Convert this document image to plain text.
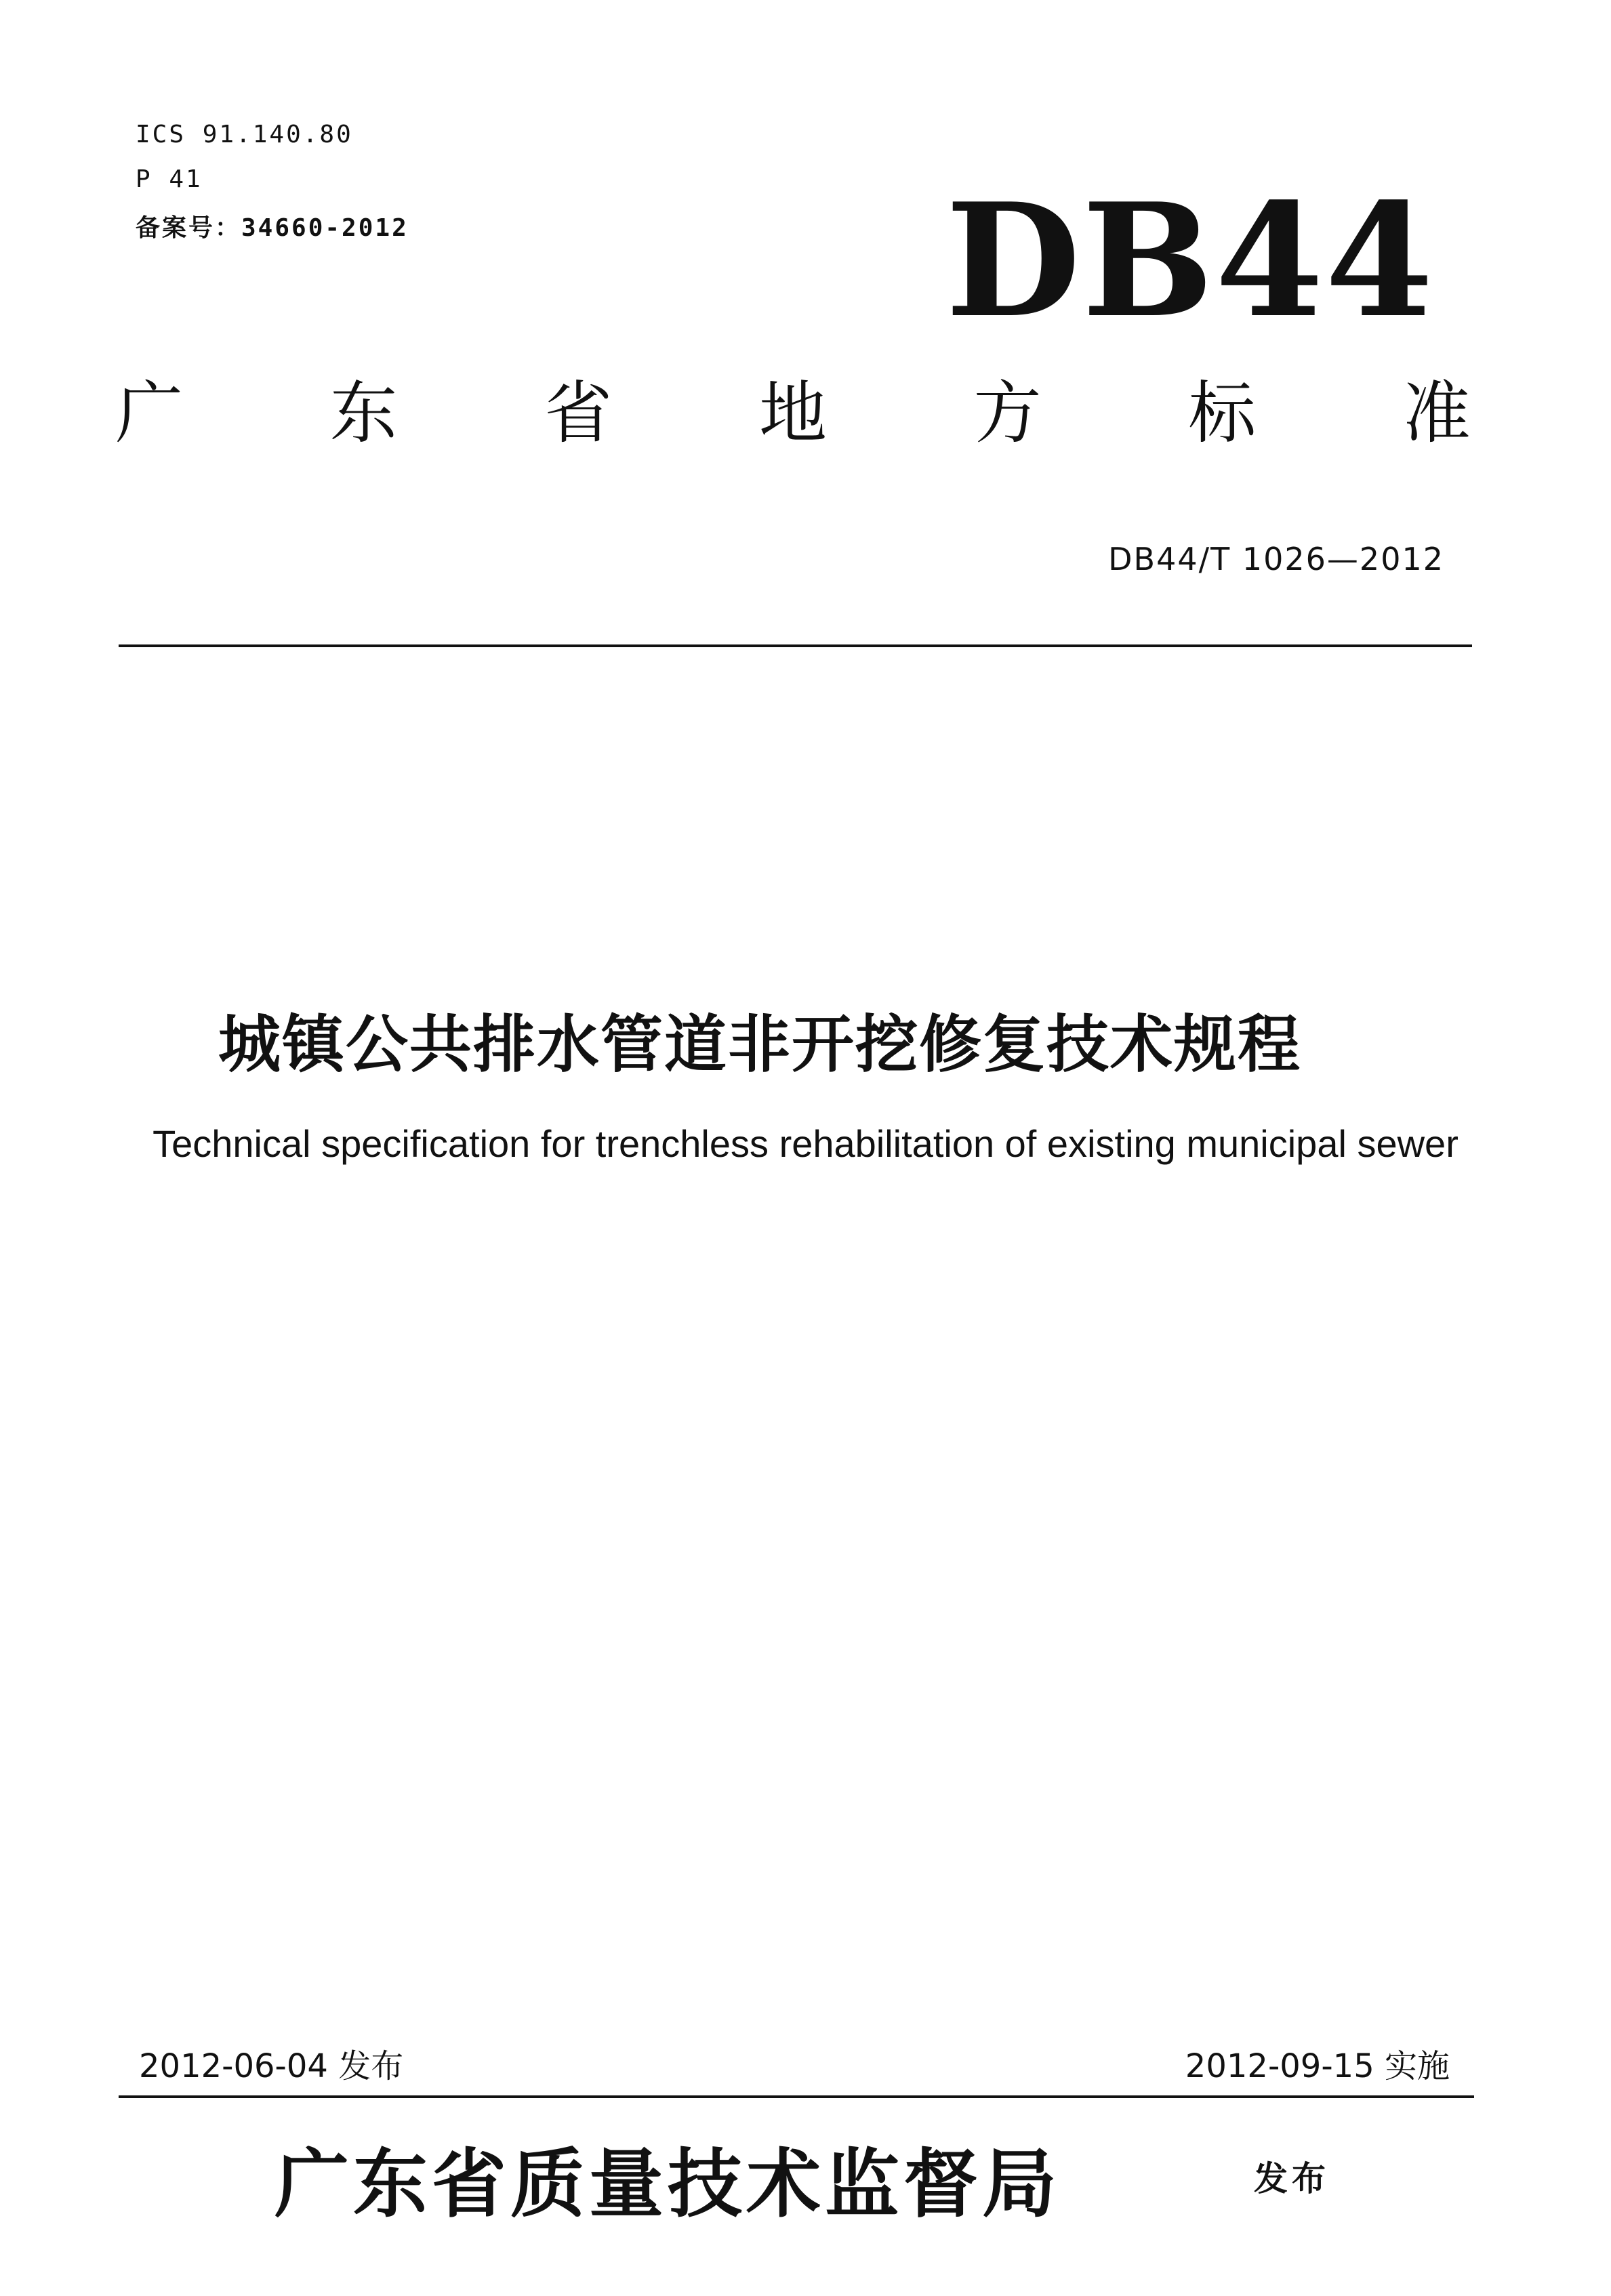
ICS 91.140.80
P 41
备案号：34660-2012	DB44
广 东 省 地 方 标 准
DB44/T 1026—2012
城镇公共排水管道非开挖修复技术规程
Technical specification for trenchless rehabilitation of existing municipal sewer
2012-06-04 发布	2012-09-15 实施
广东省质量技术监督局	发布
